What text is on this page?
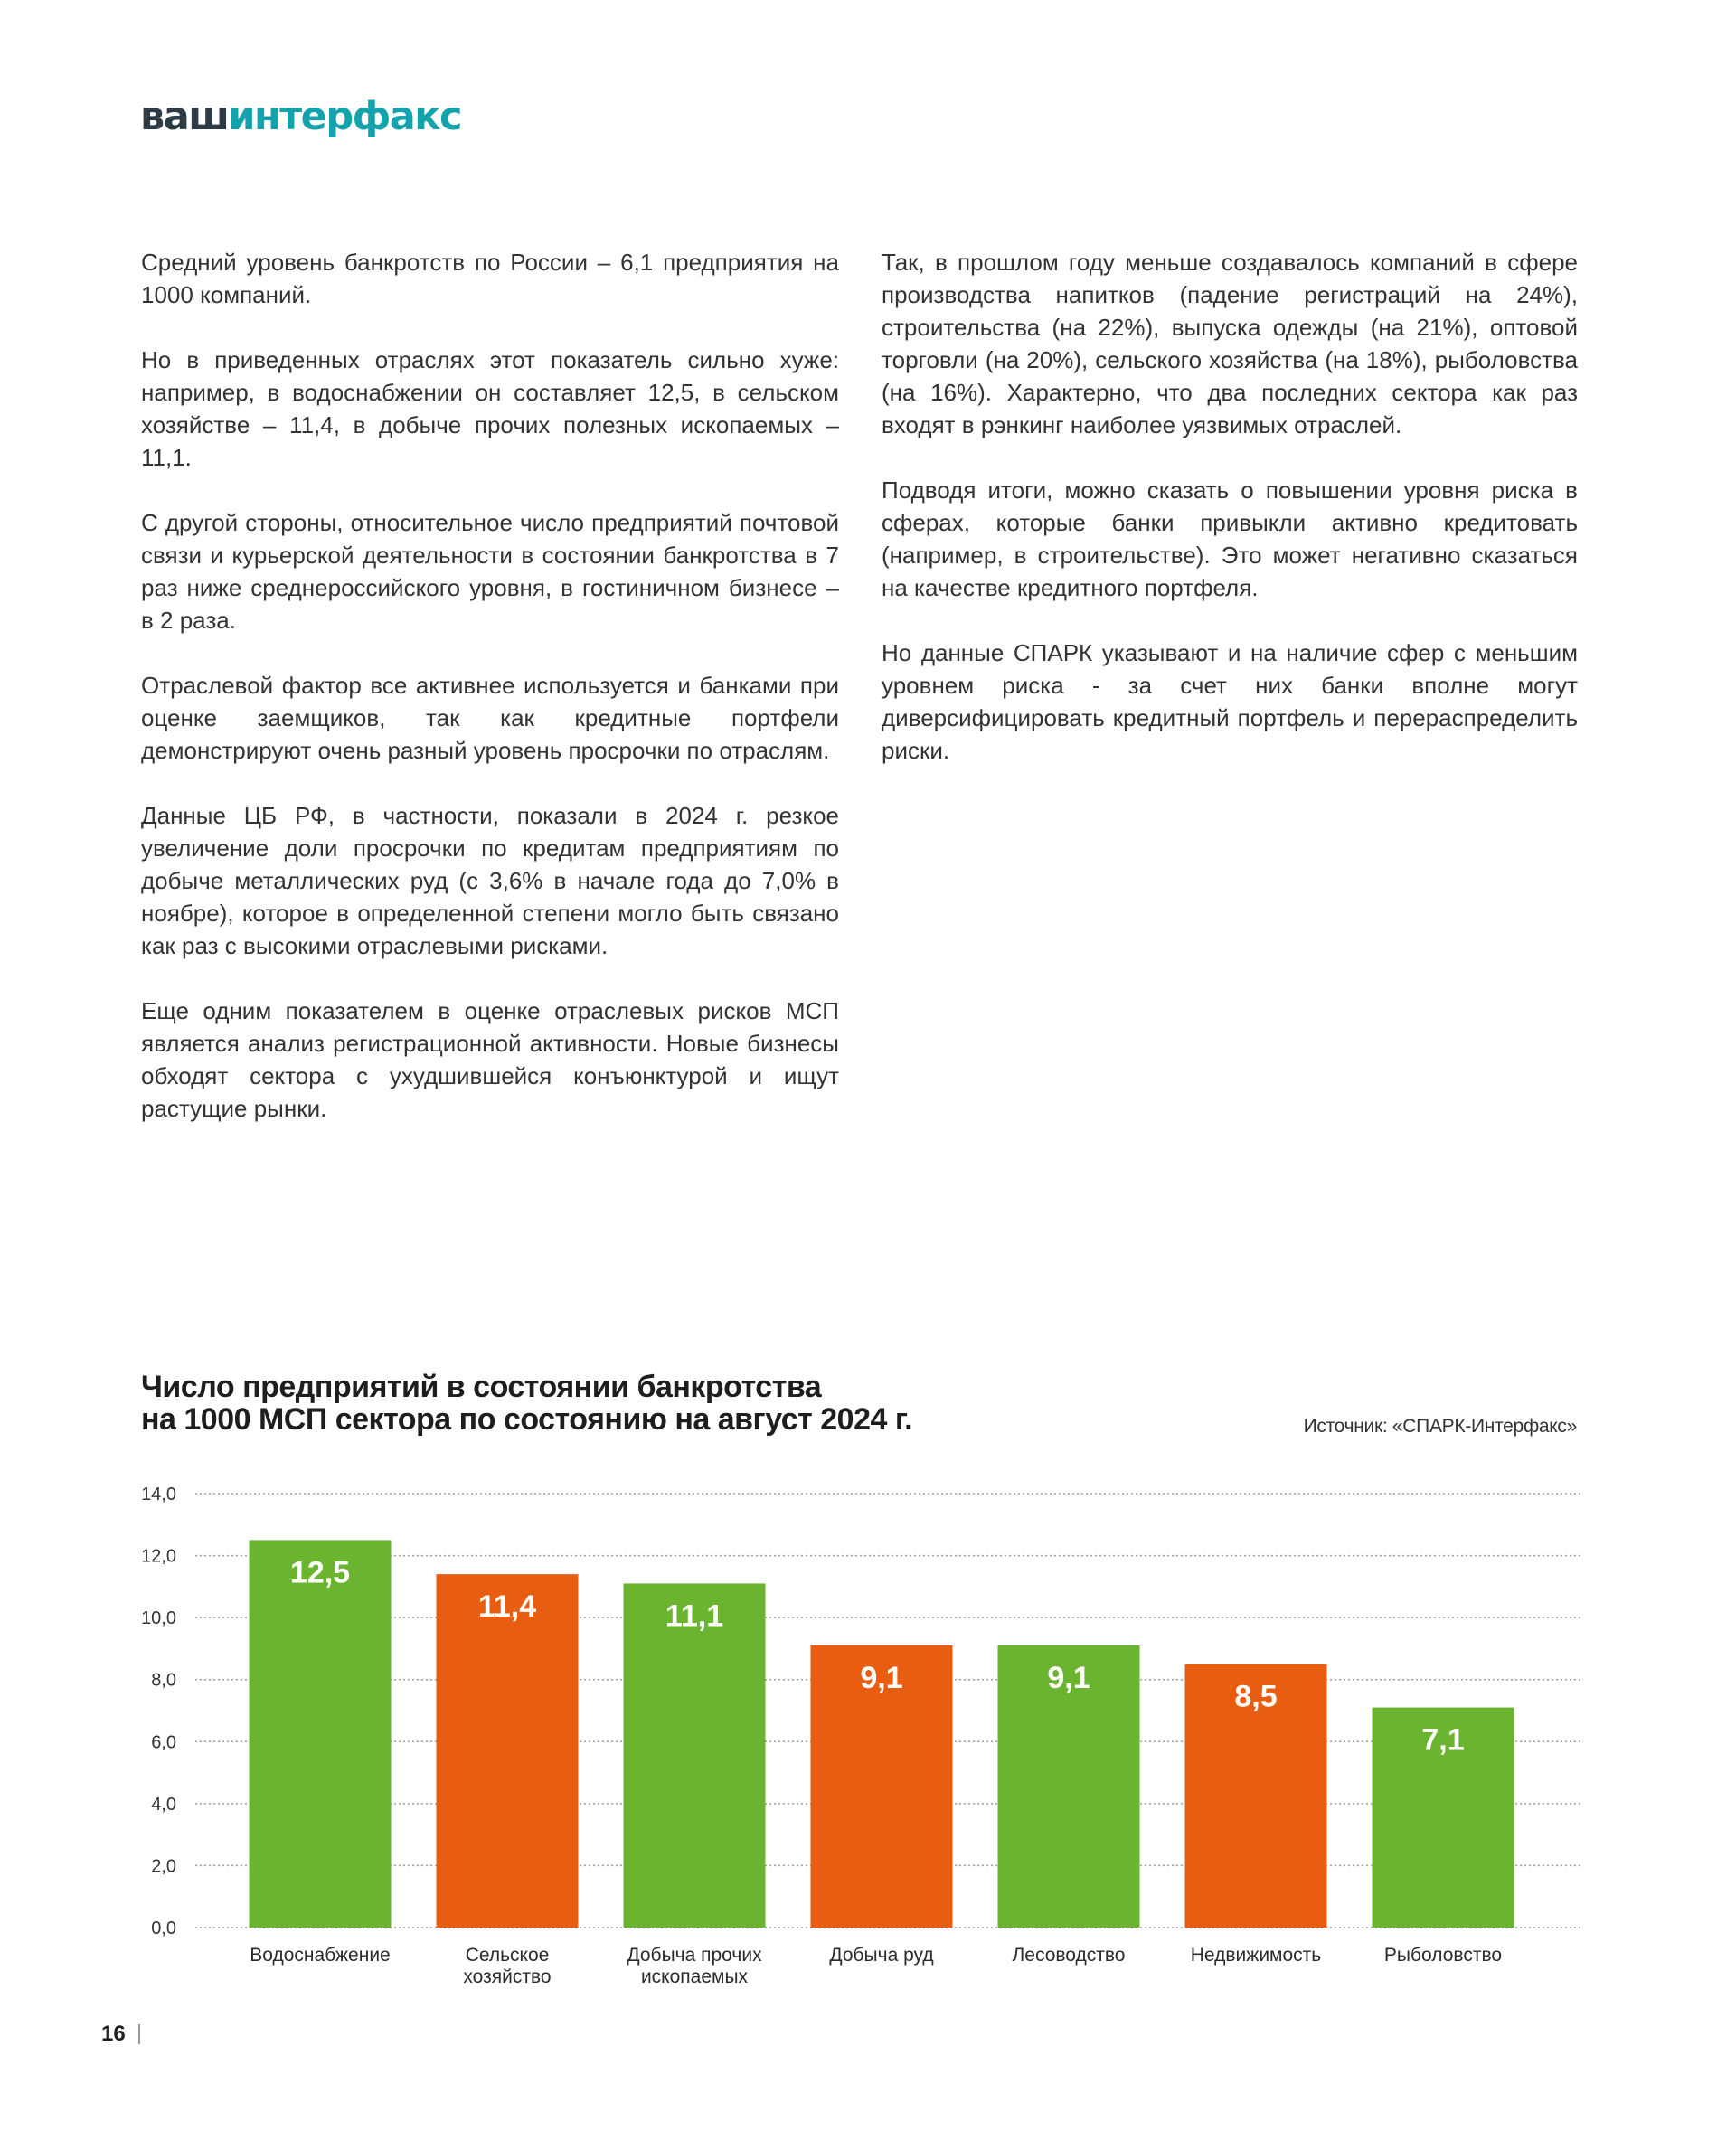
вашинтерфакс

Средний уровень банкротств по России – 6,1 предприятия на 1000 компаний.

Но в приведенных отраслях этот показатель сильно хуже: например, в водоснабжении он составляет 12,5, в сельском хозяйстве – 11,4, в добыче прочих полезных ископаемых – 11,1.

С другой стороны, относительное число предприятий почтовой связи и курьерской деятельности в состоянии банкротства в 7 раз ниже среднероссийского уровня, в гостиничном бизнесе – в 2 раза.

Отраслевой фактор все активнее используется и банками при оценке заемщиков, так как кредитные портфели демонстрируют очень разный уровень просрочки по отраслям.

Данные ЦБ РФ, в частности, показали в 2024 г. резкое увеличение доли просрочки по кредитам предприятиям по добыче металлических руд (с 3,6% в начале года до 7,0% в ноябре), которое в определенной степени могло быть связано как раз с высокими отраслевыми рисками.

Еще одним показателем в оценке отраслевых рисков МСП является анализ регистрационной активности. Новые бизнесы обходят сектора с ухудшившейся конъюнктурой и ищут растущие рынки.

Так, в прошлом году меньше создавалось компаний в сфере производства напитков (падение регистраций на 24%), строительства (на 22%), выпуска одежды (на 21%), оптовой торговли (на 20%), сельского хозяйства (на 18%), рыболовства (на 16%). Характерно, что два последних сектора как раз входят в рэнкинг наиболее уязвимых отраслей.

Подводя итоги, можно сказать о повышении уровня риска в сферах, которые банки привыкли активно кредитовать (например, в строительстве). Это может негативно сказаться на качестве кредитного портфеля.

Но данные СПАРК указывают и на наличие сфер с меньшим уровнем риска - за счет них банки вполне могут диверсифицировать кредитный портфель и перераспределить риски.

Число предприятий в состоянии банкротства
на 1000 МСП сектора по состоянию на август 2024 г.	Источник: «СПАРК-Интерфакс»
0,0
2,0
4,0
6,0
8,0
10,0
12,0
14,0
12,5
Водоснабжение
11,4
Сельское
хозяйство
11,1
Добыча прочих
ископаемых
9,1
Добыча руд
9,1
Лесоводство
8,5
Недвижимость
7,1
Рыболовство
16
